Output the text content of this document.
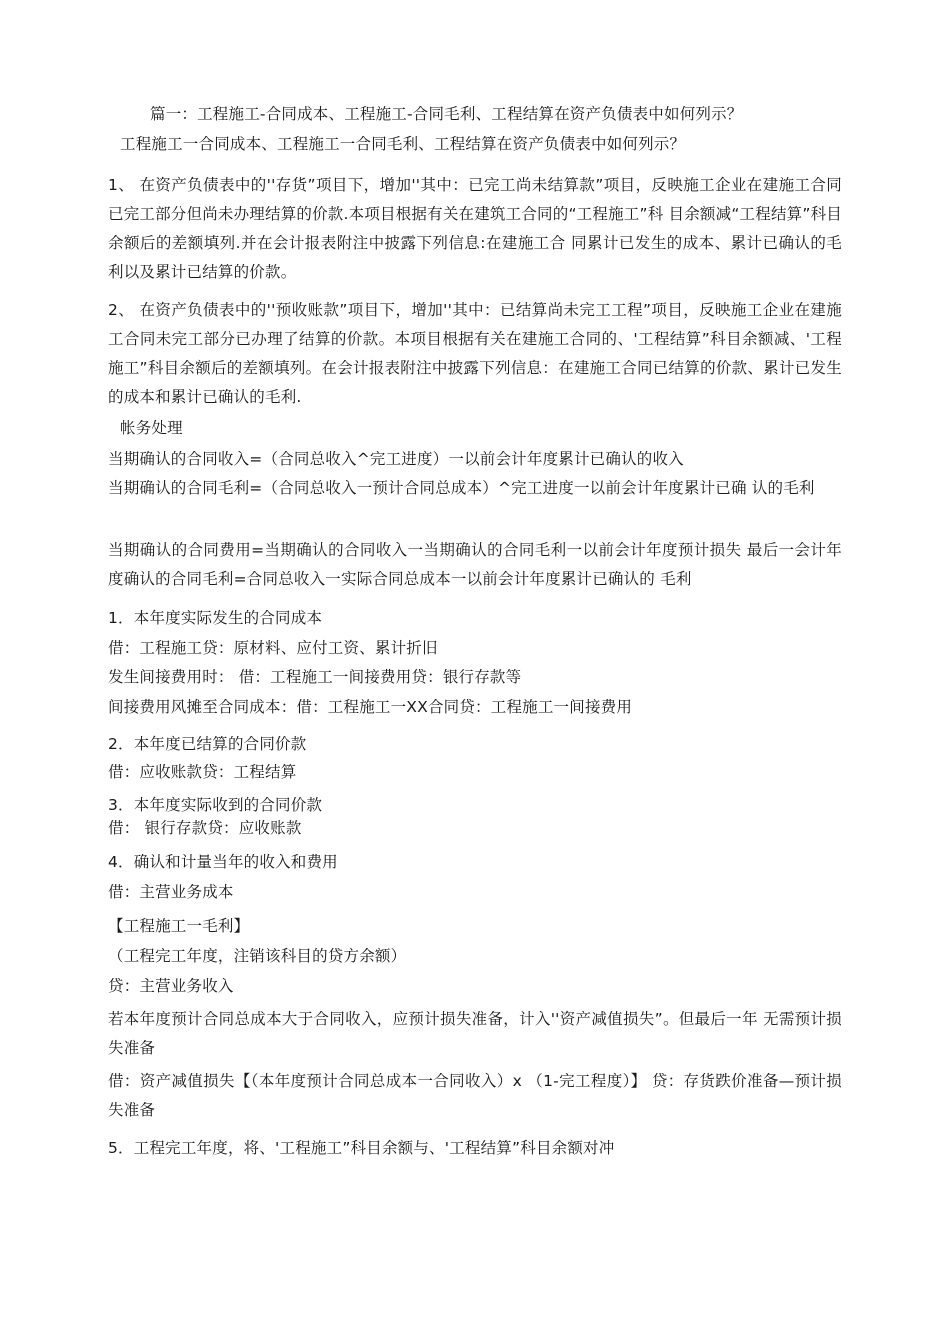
篇一：工程施工-合同成本、工程施工-合同毛利、工程结算在资产负债表中如何列示？
工程施工一合同成本、工程施工一合同毛利、工程结算在资产负债表中如何列示？
1、 在资产负债表中的''存货”项目下，增加''其中：已完工尚未结算款”项目，反映施工企业在建施工合同已完工部分但尚未办理结算的价款.本项目根据有关在建筑工合同的“工程施工”科 目余额减“工程结算”科目余额后的差额填列.并在会计报表附注中披露下列信息:在建施工合 同累计已发生的成本、累计已确认的毛利以及累计已结算的价款。
2、 在资产负债表中的''预收账款”项目下，增加''其中：已结算尚未完工工程”项目，反映施工企业在建施工合同未完工部分已办理了结算的价款。本项目根据有关在建施工合同的、'工程结算”科目余额减、'工程施工”科目余额后的差额填列。在会计报表附注中披露下列信息：在建施工合同已结算的价款、累计已发生的成本和累计已确认的毛利.
帐务处理
当期确认的合同收入=（合同总收入^完工进度）一以前会计年度累计已确认的收入
当期确认的合同毛利=（合同总收入一预计合同总成本）^完工进度一以前会计年度累计已确 认的毛利
当期确认的合同费用=当期确认的合同收入一当期确认的合同毛利一以前会计年度预计损失 最后一会计年度确认的合同毛利=合同总收入一实际合同总成本一以前会计年度累计已确认的 毛利
1．本年度实际发生的合同成本
借：工程施工贷：原材料、应付工资、累计折旧
发生间接费用时： 借：工程施工一间接费用贷：银行存款等
间接费用风摊至合同成本：借：工程施工一XX合同贷：工程施工一间接费用
2．本年度已结算的合同价款
借：应收账款贷：工程结算
3．本年度实际收到的合同价款
借： 银行存款贷：应收账款
4．确认和计量当年的收入和费用
借：主营业务成本
【工程施工一毛利】
（工程完工年度，注销该科目的贷方余额）
贷：主营业务收入
若本年度预计合同总成本大于合同收入，应预计损失准备，计入''资产减值损失”。但最后一年 无需预计损失准备
借：资产减值损失【（本年度预计合同总成本一合同收入）x （1-完工程度）】 贷：存货跌价准备—预计损失准备
5．工程完工年度，将、'工程施工”科目余额与、'工程结算”科目余额对冲
